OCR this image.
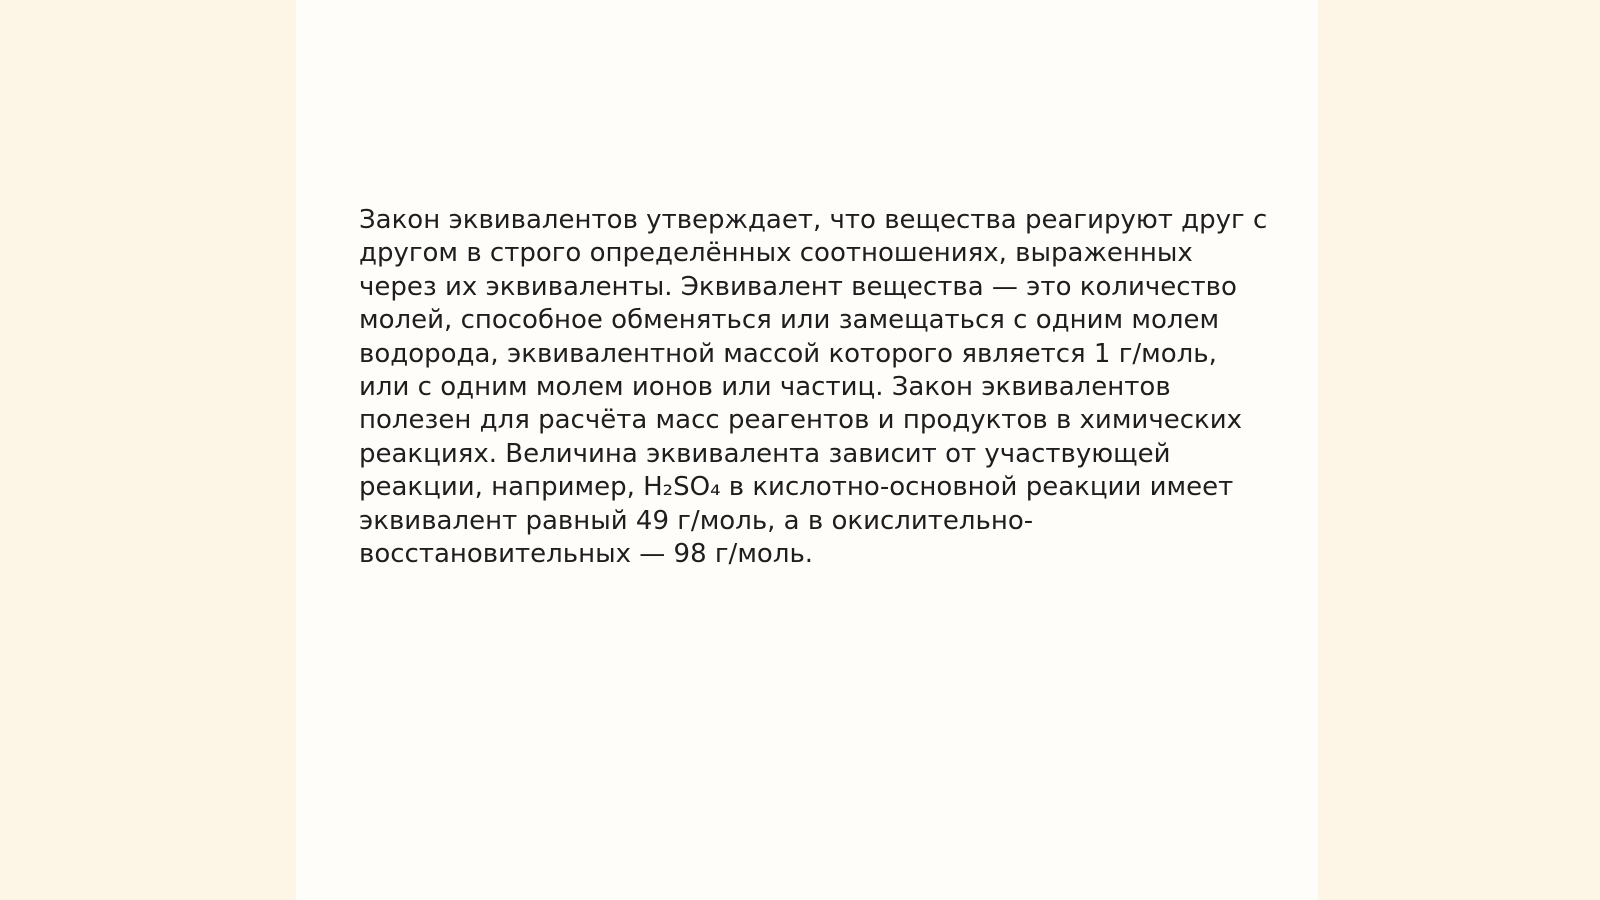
Закон эквивалентов утверждает, что вещества реагируют друг с
другом в строго определённых соотношениях, выраженных
через их эквиваленты. Эквивалент вещества — это количество
молей, способное обменяться или замещаться с одним молем
водорода, эквивалентной массой которого является 1 г/моль,
или с одним молем ионов или частиц. Закон эквивалентов
полезен для расчёта масс реагентов и продуктов в химических
реакциях. Величина эквивалента зависит от участвующей
реакции, например, H₂SO₄ в кислотно-основной реакции имеет
эквивалент равный 49 г/моль, а в окислительно-
восстановительных — 98 г/моль.
